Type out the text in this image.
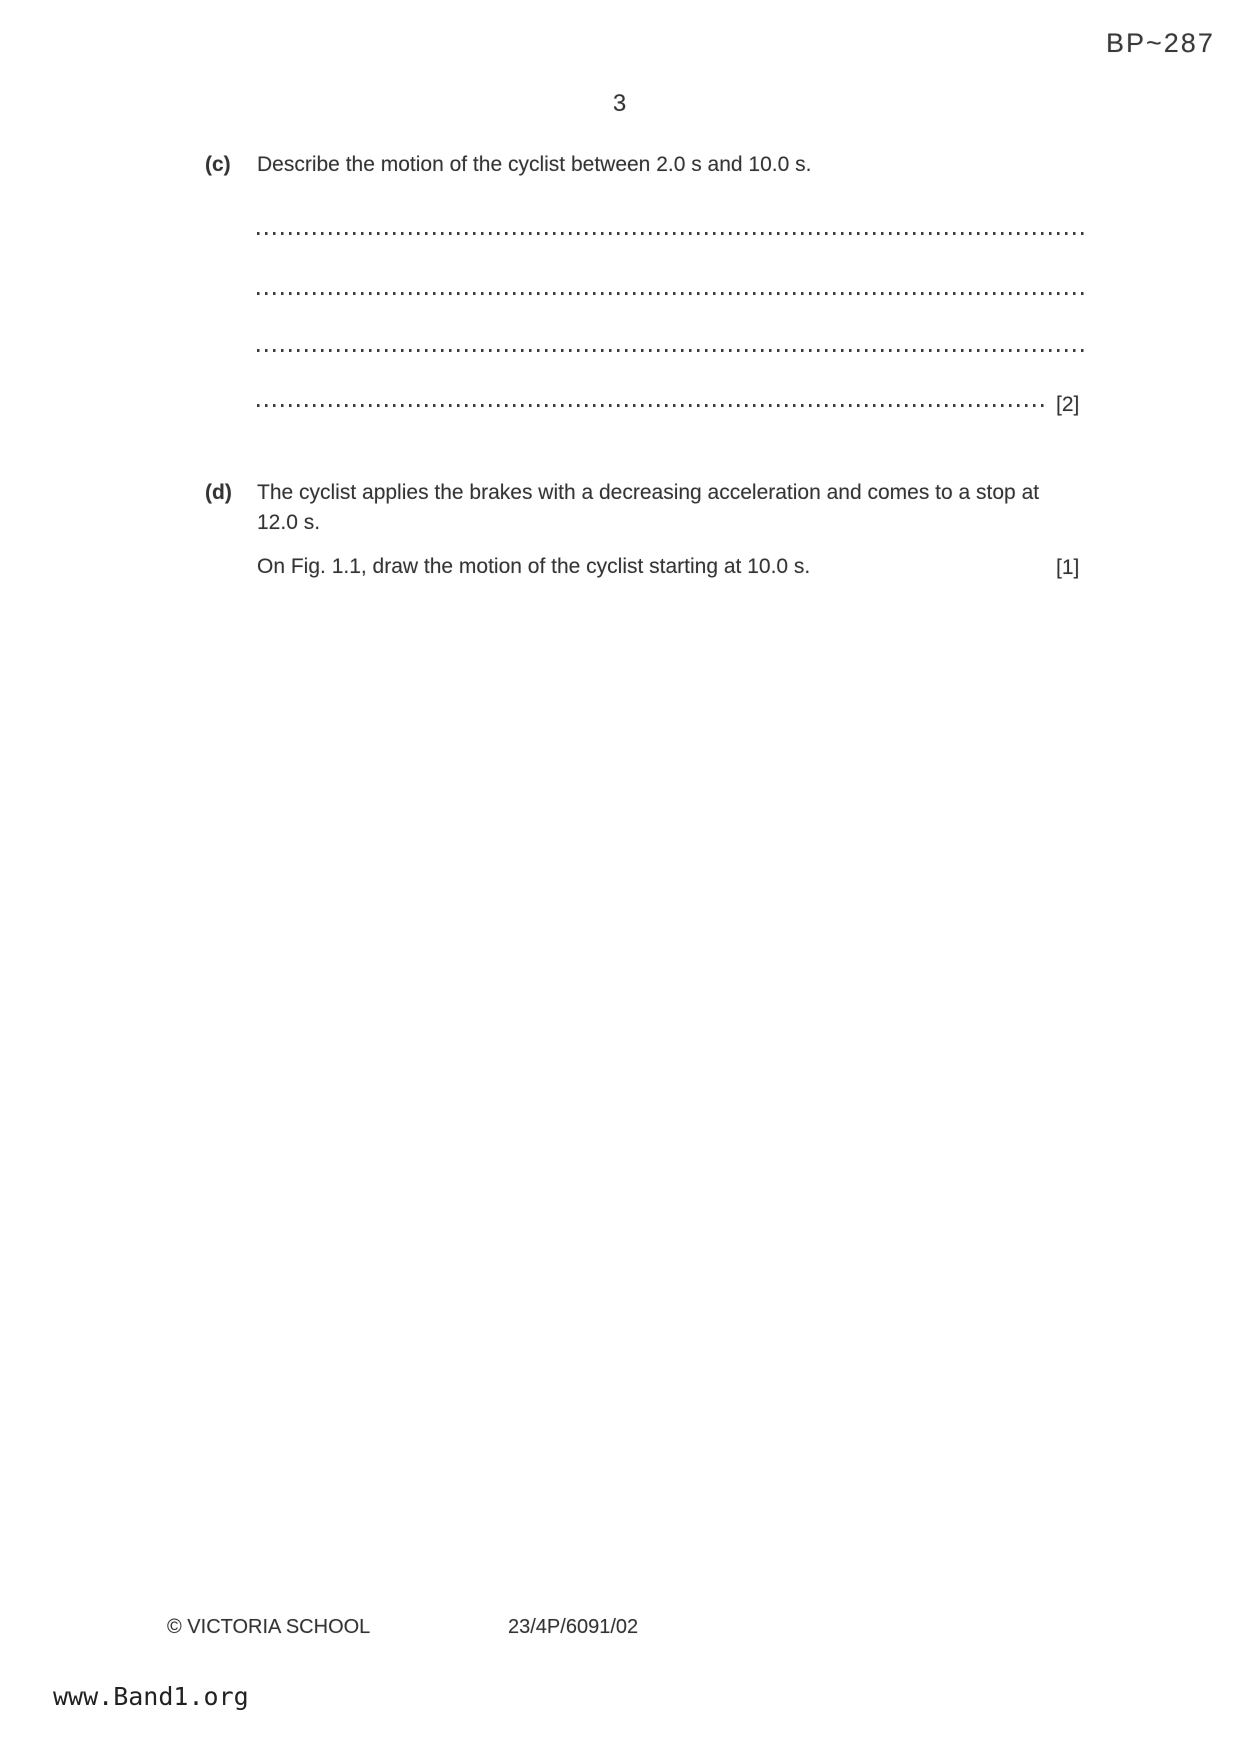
BP~287
3
(c) Describe the motion of the cyclist between 2.0 s and 10.0 s.
[2]
(d) The cyclist applies the brakes with a decreasing acceleration and comes to a stop at
12.0 s.
On Fig. 1.1, draw the motion of the cyclist starting at 10.0 s.	[1]
© VICTORIA SCHOOL	23/4P/6091/02
www.Band1.org
